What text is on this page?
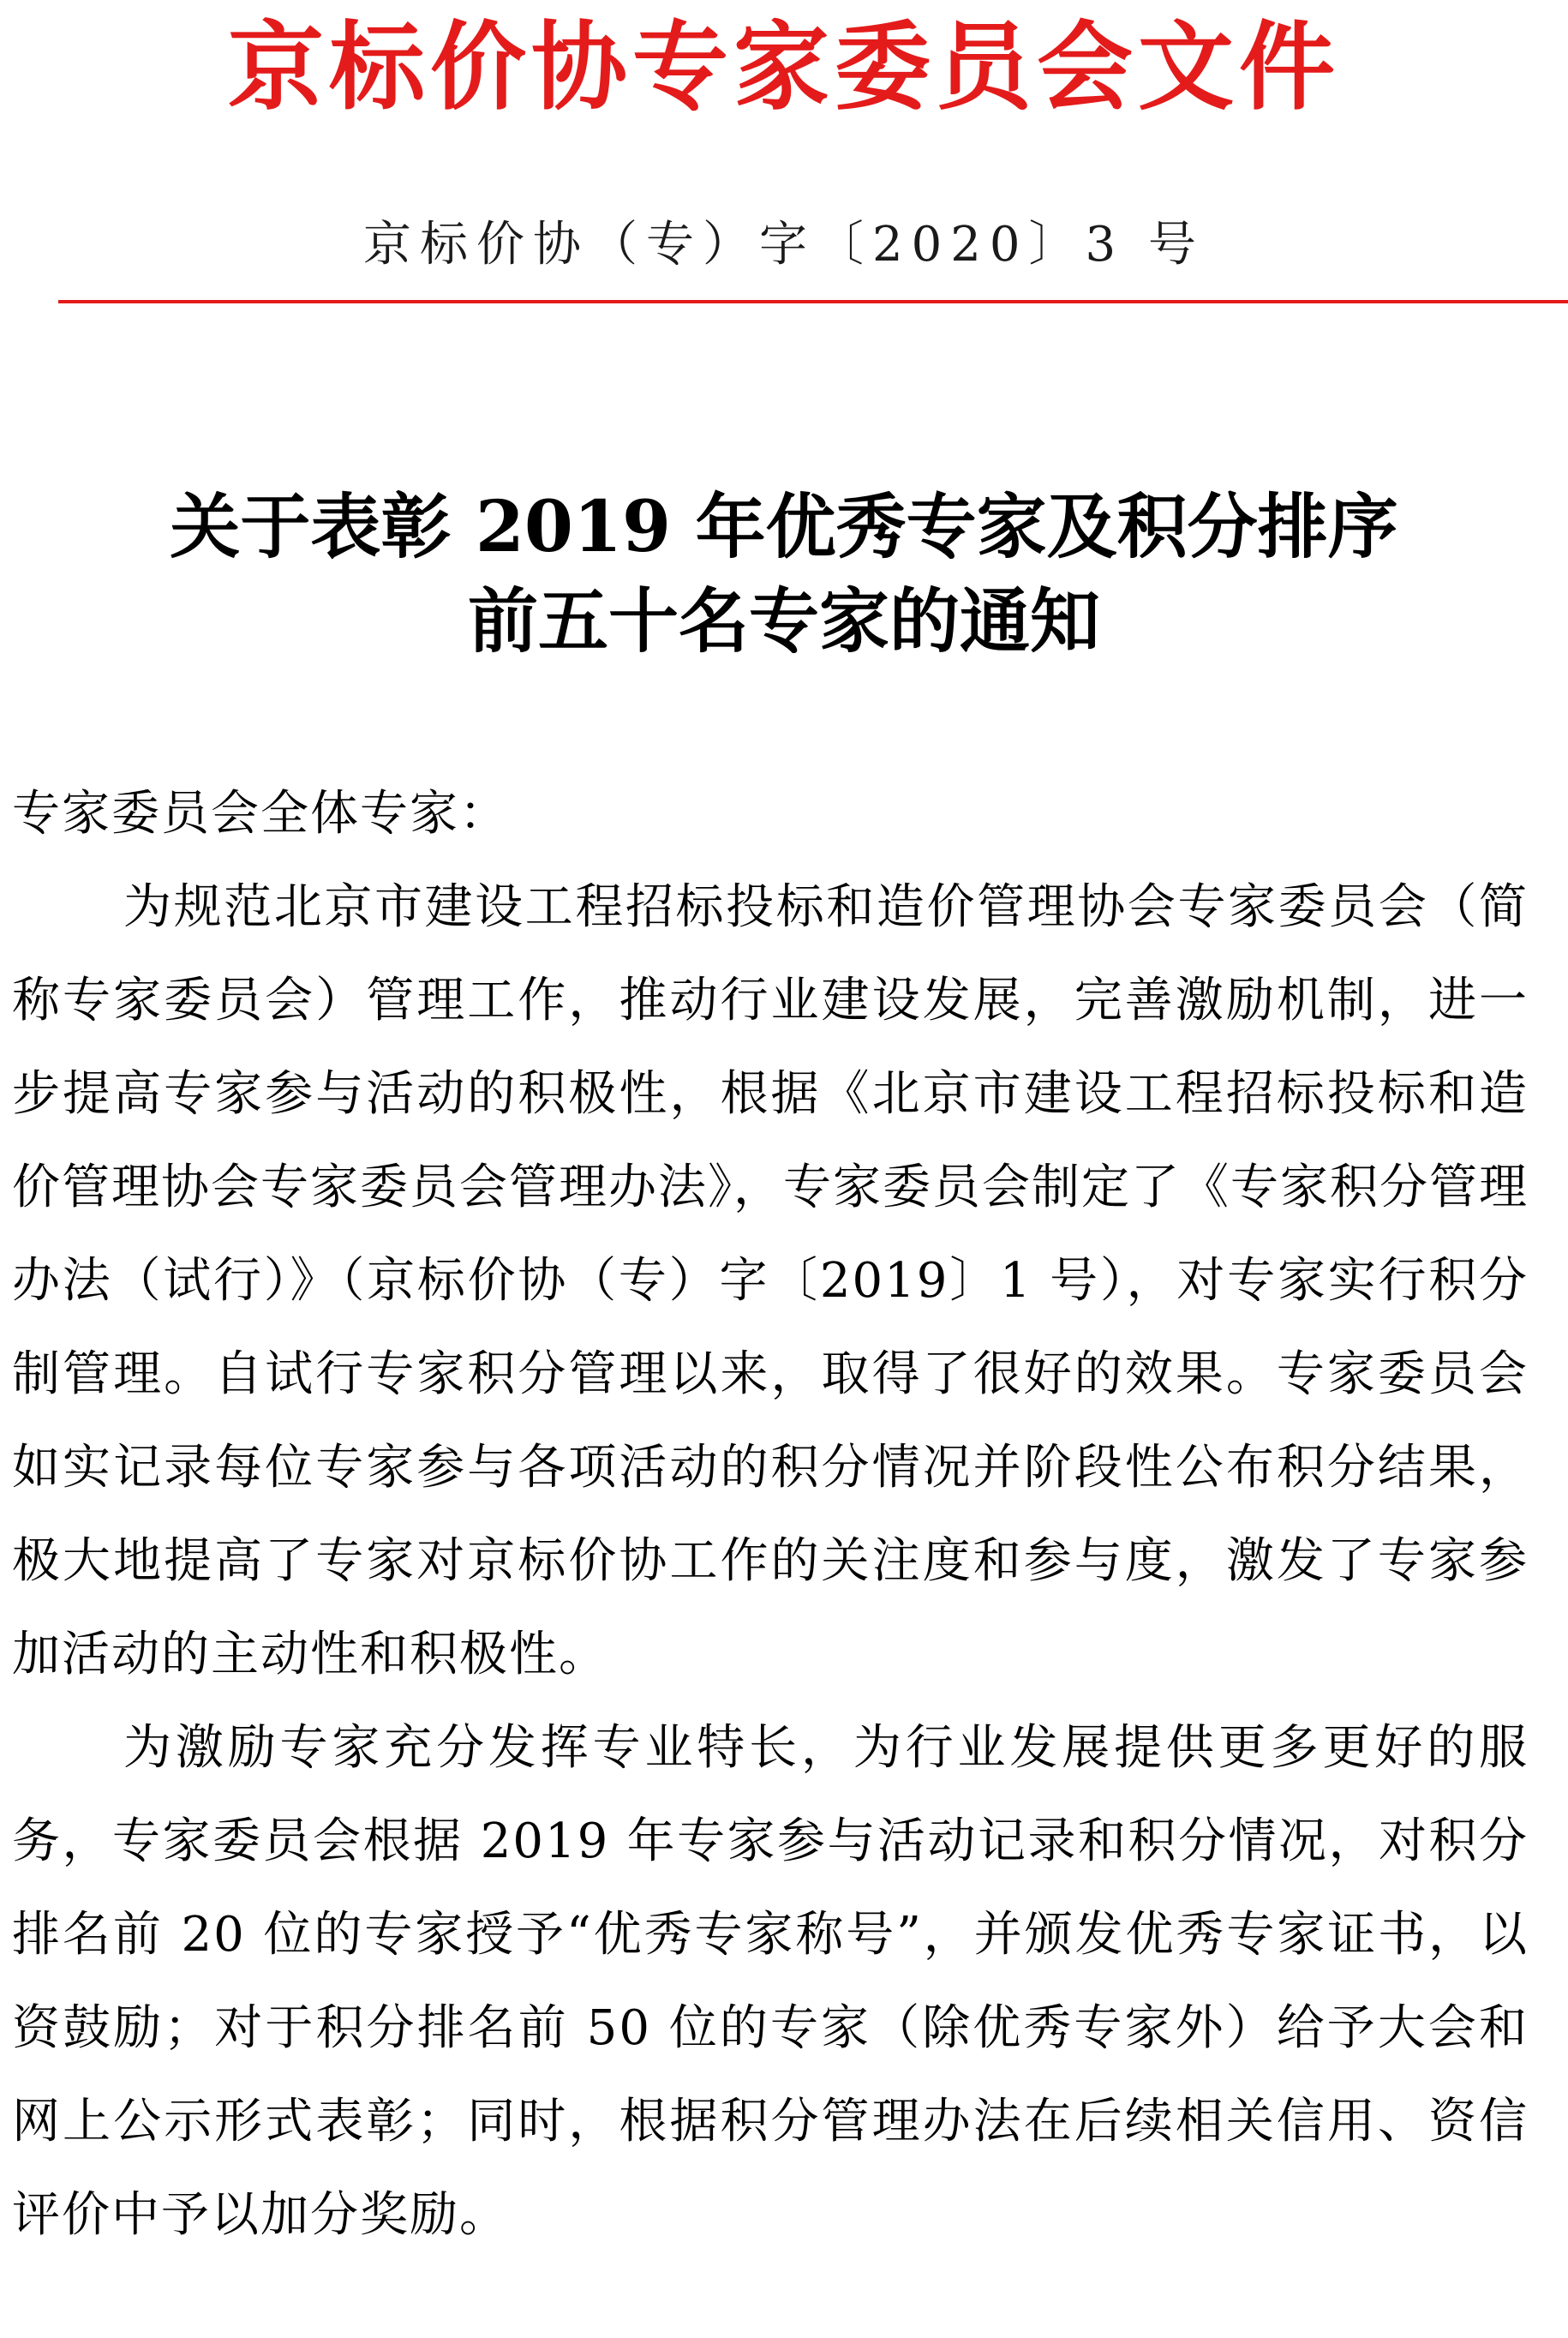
京标价协专家委员会文件
京标价协（专）字〔2020〕3 号
关于表彰 2019 年优秀专家及积分排序
前五十名专家的通知

专家委员会全体专家：

为规范北京市建设工程招标投标和造价管理协会专家委员会（简称专家委员会）管理工作，推动行业建设发展，完善激励机制，进一步提高专家参与活动的积极性，根据《北京市建设工程招标投标和造价管理协会专家委员会管理办法》，专家委员会制定了《专家积分管理办法（试行）》（京标价协（专）字〔2019〕1 号），对专家实行积分制管理。自试行专家积分管理以来，取得了很好的效果。专家委员会如实记录每位专家参与各项活动的积分情况并阶段性公布积分结果，极大地提高了专家对京标价协工作的关注度和参与度，激发了专家参加活动的主动性和积极性。

为激励专家充分发挥专业特长，为行业发展提供更多更好的服务，专家委员会根据 2019 年专家参与活动记录和积分情况，对积分排名前 20 位的专家授予“优秀专家称号”，并颁发优秀专家证书，以资鼓励；对于积分排名前 50 位的专家（除优秀专家外）给予大会和网上公示形式表彰；同时，根据积分管理办法在后续相关信用、资信评价中予以加分奖励。
